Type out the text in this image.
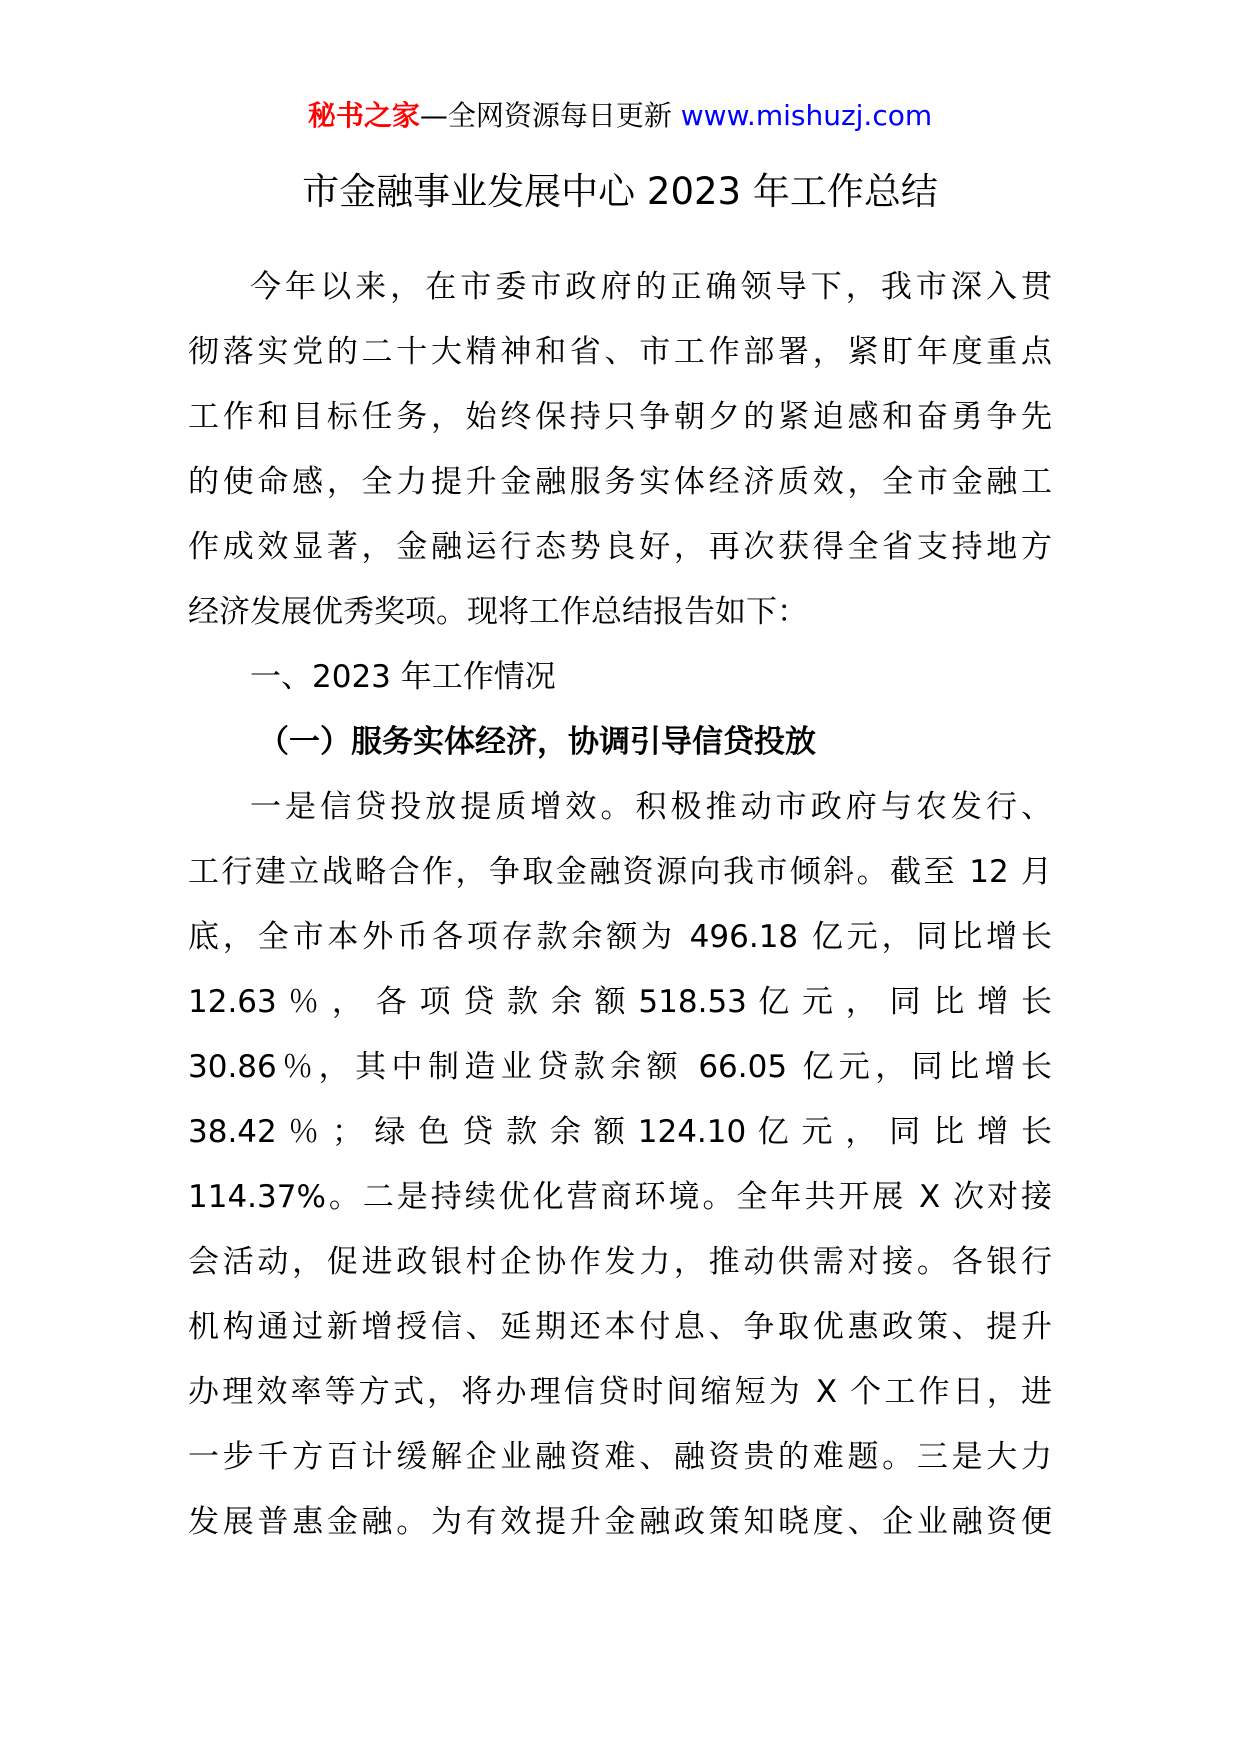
秘书之家—全网资源每日更新 www.mishuzj.com
市金融事业发展中心 2023 年工作总结
今年以来，在市委市政府的正确领导下，我市深入贯
彻落实党的二十大精神和省、市工作部署，紧盯年度重点
工作和目标任务，始终保持只争朝夕的紧迫感和奋勇争先
的使命感，全力提升金融服务实体经济质效，全市金融工
作成效显著，金融运行态势良好，再次获得全省支持地方
经济发展优秀奖项。现将工作总结报告如下：
一、2023 年工作情况
（一）服务实体经济，协调引导信贷投放
一是信贷投放提质增效。积极推动市政府与农发行、
工行建立战略合作，争取金融资源向我市倾斜。截至 12 月
底，全市本外币各项存款余额为 496.18 亿元，同比增长
12.63 ％ ， 各 项 贷 款 余 额 518.53 亿 元 ， 同 比 增 长
30.86％，其中制造业贷款余额 66.05 亿元，同比增长
38.42 ％ ； 绿 色 贷 款 余 额 124.10 亿 元 ， 同 比 增 长
114.37%。二是持续优化营商环境。全年共开展 X 次对接
会活动，促进政银村企协作发力，推动供需对接。各银行
机构通过新增授信、延期还本付息、争取优惠政策、提升
办理效率等方式，将办理信贷时间缩短为 X 个工作日，进
一步千方百计缓解企业融资难、融资贵的难题。三是大力
发展普惠金融。为有效提升金融政策知晓度、企业融资便
